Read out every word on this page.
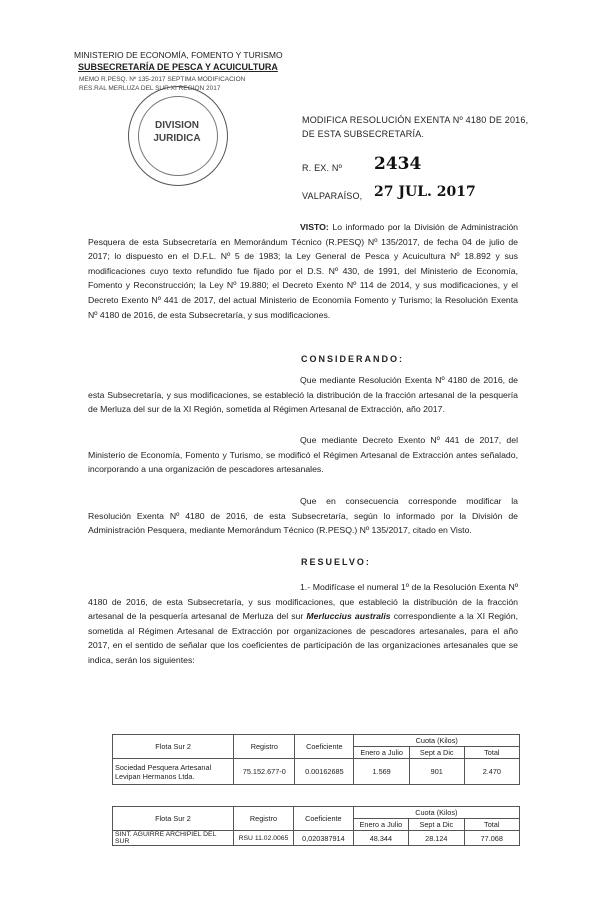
MINISTERIO DE ECONOMÍA, FOMENTO Y TURISMO
SUBSECRETARÍA DE PESCA Y ACUICULTURA
MEMO R.PESQ. Nº 135-2017 SEPTIMA MODIFICACION
RES.RAL MERLUZA DEL SUR XI REGION 2017
DIVISION
JURIDICA
MODIFICA RESOLUCIÓN EXENTA Nº 4180 DE 2016,
DE ESTA SUBSECRETARÍA.
R. EX. Nº 2434
VALPARAÍSO, 27 JUL. 2017
VISTO: Lo informado por la División de Administración Pesquera de esta Subsecretaría en Memorándum Técnico (R.PESQ) Nº 135/2017, de fecha 04 de julio de 2017; lo dispuesto en el D.F.L. Nº 5 de 1983; la Ley General de Pesca y Acuicultura Nº 18.892 y sus modificaciones cuyo texto refundido fue fijado por el D.S. Nº 430, de 1991, del Ministerio de Economía, Fomento y Reconstrucción; la Ley Nº 19.880; el Decreto Exento Nº 114 de 2014, y sus modificaciones, y el Decreto Exento Nº 441 de 2017, del actual Ministerio de Economía Fomento y Turismo; la Resolución Exenta Nº 4180 de 2016, de esta Subsecretaría, y sus modificaciones.
CONSIDERANDO:
Que mediante Resolución Exenta Nº 4180 de 2016, de esta Subsecretaría, y sus modificaciones, se estableció la distribución de la fracción artesanal de la pesquería de Merluza del sur de la XI Región, sometida al Régimen Artesanal de Extracción, año 2017.
Que mediante Decreto Exento Nº 441 de 2017, del Ministerio de Economía, Fomento y Turismo, se modificó el Régimen Artesanal de Extracción antes señalado, incorporando a una organización de pescadores artesanales.
Que en consecuencia corresponde modificar la Resolución Exenta Nº 4180 de 2016, de esta Subsecretaría, según lo informado por la División de Administración Pesquera, mediante Memorándum Técnico (R.PESQ.) Nº 135/2017, citado en Visto.
RESUELVO:
1.- Modifícase el numeral 1º de la Resolución Exenta Nº 4180 de 2016, de esta Subsecretaría, y sus modificaciones, que estableció la distribución de la fracción artesanal de la pesquería artesanal de Merluza del sur Merluccius australis correspondiente a la XI Región, sometida al Régimen Artesanal de Extracción por organizaciones de pescadores artesanales, para el año 2017, en el sentido de señalar que los coeficientes de participación de las organizaciones artesanales que se indica, serán los siguientes:
Flota Sur 2	Registro	Coeficiente	Cuota (Kilos)		
			Enero a Julio	Sept a Dic	Total

Sociedad Pesquera Artesanal
Levipan Hermanos Ltda.	75.152.677-0	0.00162685	1.569	901	2.470
Flota Sur 2	Registro	Coeficiente	Cuota (Kilos)		
			Enero a Julio	Sept a Dic	Total
SINT. AGUIRRE ARCHIPIEL DEL SUR	RSU 11.02.0065	0,020387914	48.344	28.124	77.068
